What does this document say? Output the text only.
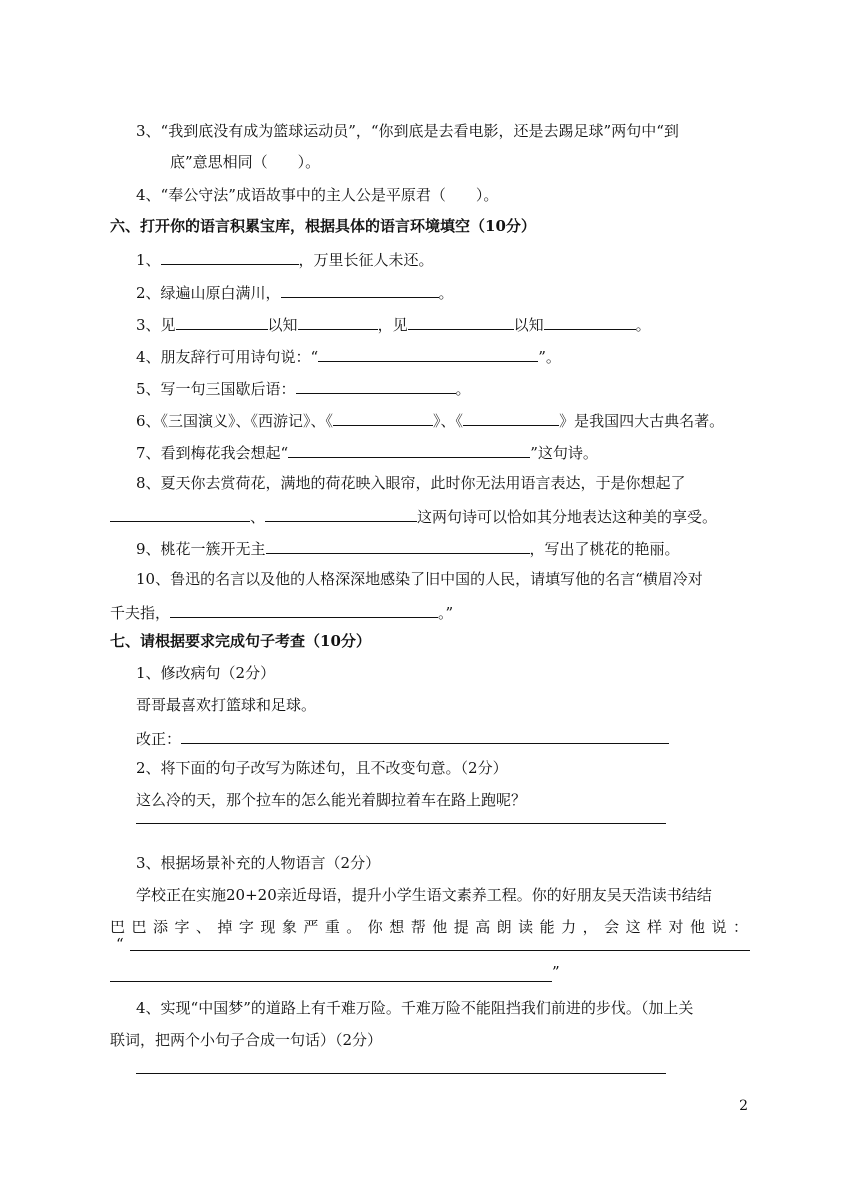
3、“我到底没有成为篮球运动员”，“你到底是去看电影，还是去踢足球”两句中“到
底”意思相同（　　）。
4、“奉公守法”成语故事中的主人公是平原君（　　）。
六、打开你的语言积累宝库，根据具体的语言环境填空（10分）
1、	，万里长征人未还。
2、绿遍山原白满川，	。
3、见	以知	，见	以知	。
4、朋友辞行可用诗句说：“	”。
5、写一句三国歇后语：	。
6、《三国演义》、《西游记》、《	》、《	》是我国四大古典名著。
7、看到梅花我会想起“	”这句诗。
8、夏天你去赏荷花，满地的荷花映入眼帘，此时你无法用语言表达，于是你想起了
、	这两句诗可以恰如其分地表达这种美的享受。
9、桃花一簇开无主	，写出了桃花的艳丽。
10、鲁迅的名言以及他的人格深深地感染了旧中国的人民，请填写他的名言“横眉冷对
千夫指，	。”
七、请根据要求完成句子考查（10分）
1、修改病句（2分）
哥哥最喜欢打篮球和足球。
改正：
2、将下面的句子改写为陈述句，且不改变句意。（2分）
这么冷的天，那个拉车的怎么能光着脚拉着车在路上跑呢？
3、根据场景补充的人物语言（2分）
学校正在实施20+20亲近母语，提升小学生语文素养工程。你的好朋友吴天浩读书结结
巴巴添字、掉字现象严重。你想帮他提高朗读能力，会这样对他说：
“
”
4、实现“中国梦”的道路上有千难万险。千难万险不能阻挡我们前进的步伐。（加上关
联词，把两个小句子合成一句话）（2分）
2
